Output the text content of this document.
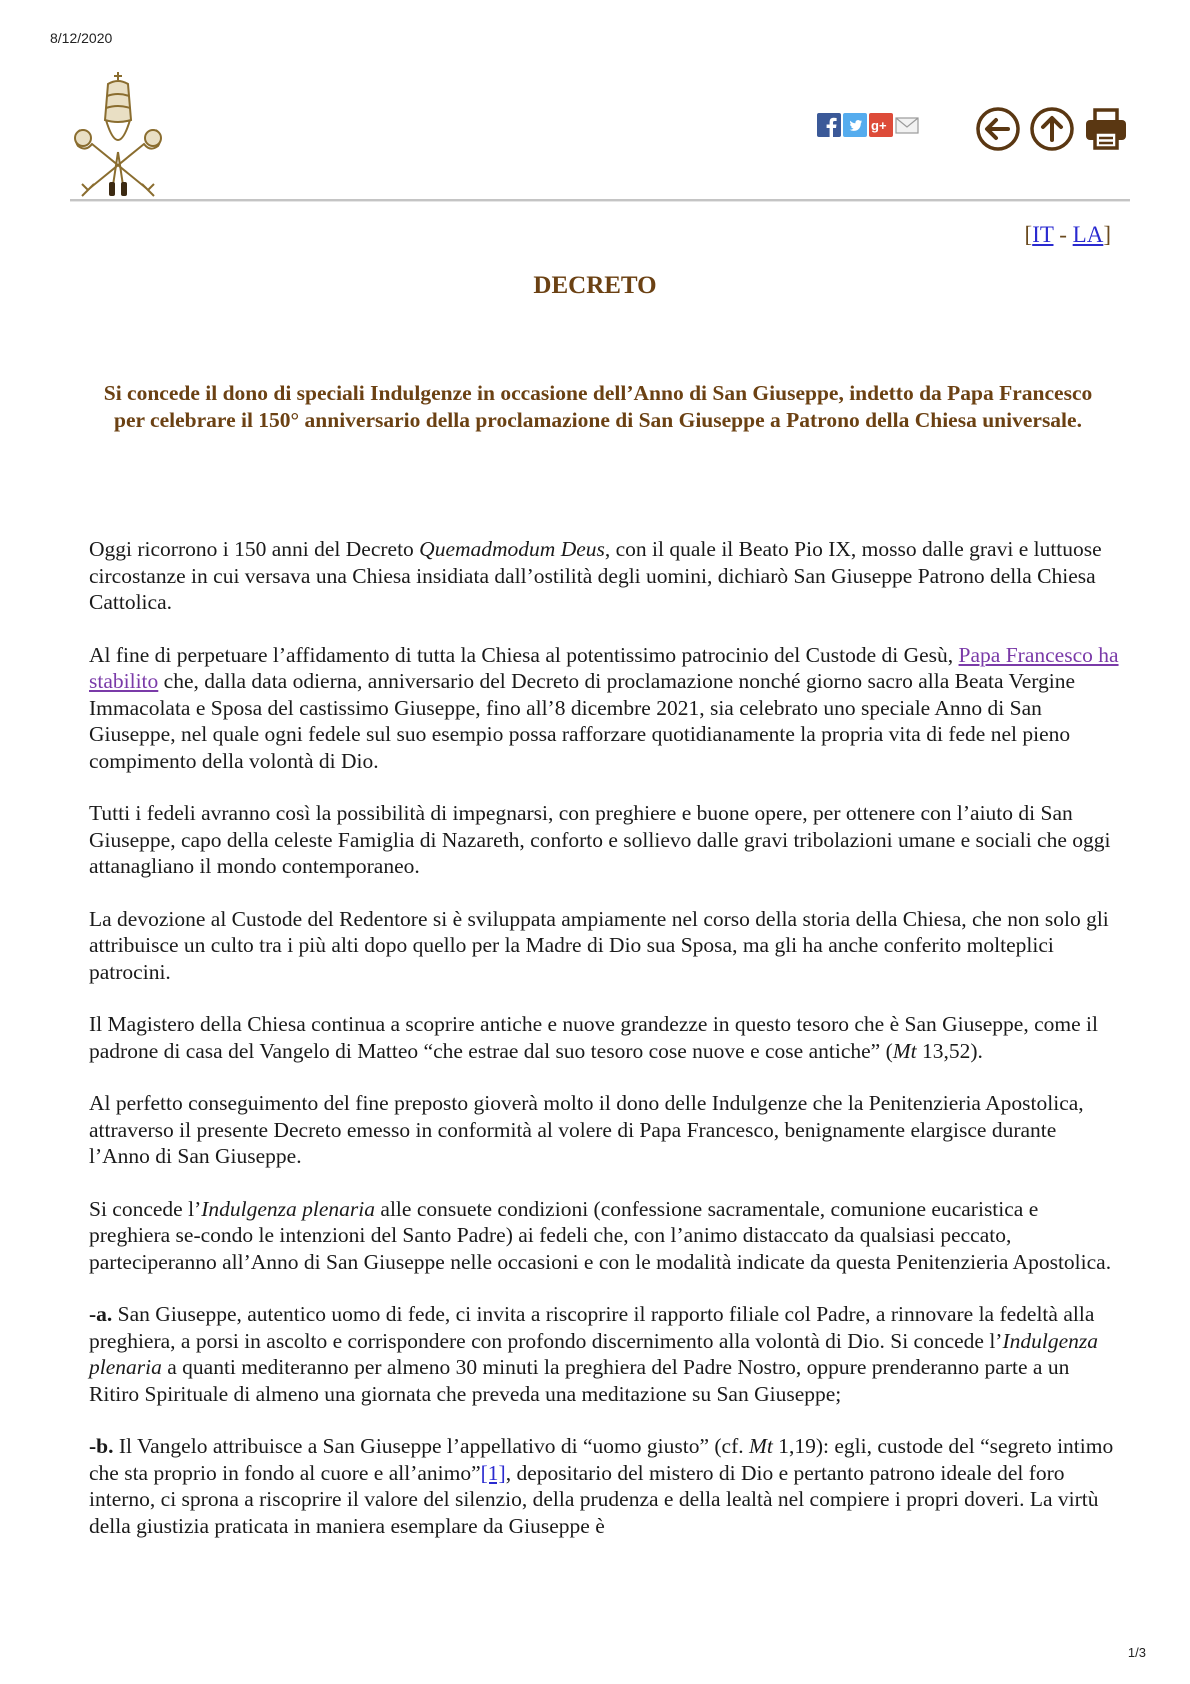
8/12/2020
g+
[IT - LA]
DECRETO
Si concede il dono di speciali Indulgenze in occasione dell’Anno di San Giuseppe, indetto da Papa Francesco per celebrare il 150° anniversario della proclamazione di San Giuseppe a Patrono della Chiesa universale.

Oggi ricorrono i 150 anni del Decreto Quemadmodum Deus, con il quale il Beato Pio IX, mosso dalle gravi e luttuose circostanze in cui versava una Chiesa insidiata dall’ostilità degli uomini, dichiarò San Giuseppe Patrono della Chiesa Cattolica.

Al fine di perpetuare l’affidamento di tutta la Chiesa al potentissimo patrocinio del Custode di Gesù, Papa Francesco ha stabilito che, dalla data odierna, anniversario del Decreto di proclamazione nonché giorno sacro alla Beata Vergine Immacolata e Sposa del castissimo Giuseppe, fino all’8 dicembre 2021, sia celebrato uno speciale Anno di San Giuseppe, nel quale ogni fedele sul suo esempio possa rafforzare quotidianamente la propria vita di fede nel pieno compimento della volontà di Dio.

Tutti i fedeli avranno così la possibilità di impegnarsi, con preghiere e buone opere, per ottenere con l’aiuto di San Giuseppe, capo della celeste Famiglia di Nazareth, conforto e sollievo dalle gravi tribolazioni umane e sociali che oggi attanagliano il mondo contemporaneo.

La devozione al Custode del Redentore si è sviluppata ampiamente nel corso della storia della Chiesa, che non solo gli attribuisce un culto tra i più alti dopo quello per la Madre di Dio sua Sposa, ma gli ha anche conferito molteplici patrocini.

Il Magistero della Chiesa continua a scoprire antiche e nuove grandezze in questo tesoro che è San Giuseppe, come il padrone di casa del Vangelo di Matteo “che estrae dal suo tesoro cose nuove e cose antiche” (Mt 13,52).

Al perfetto conseguimento del fine preposto gioverà molto il dono delle Indulgenze che la Penitenzieria Apostolica, attraverso il presente Decreto emesso in conformità al volere di Papa Francesco, benignamente elargisce durante l’Anno di San Giuseppe.

Si concede l’Indulgenza plenaria alle consuete condizioni (confessione sacramentale, comunione eucaristica e preghiera se-condo le intenzioni del Santo Padre) ai fedeli che, con l’animo distaccato da qualsiasi peccato, parteciperanno all’Anno di San Giuseppe nelle occasioni e con le modalità indicate da questa Penitenzieria Apostolica.

-a. San Giuseppe, autentico uomo di fede, ci invita a riscoprire il rapporto filiale col Padre, a rinnovare la fedeltà alla preghiera, a porsi in ascolto e corrispondere con profondo discernimento alla volontà di Dio. Si concede l’Indulgenza plenaria a quanti mediteranno per almeno 30 minuti la preghiera del Padre Nostro, oppure prenderanno parte a un Ritiro Spirituale di almeno una giornata che preveda una meditazione su San Giuseppe;

-b. Il Vangelo attribuisce a San Giuseppe l’appellativo di “uomo giusto” (cf. Mt 1,19): egli, custode del “segreto intimo che sta proprio in fondo al cuore e all’animo”[1], depositario del mistero di Dio e pertanto patrono ideale del foro interno, ci sprona a riscoprire il valore del silenzio, della prudenza e della lealtà nel compiere i propri doveri. La virtù della giustizia praticata in maniera esemplare da Giuseppe è

1/3
